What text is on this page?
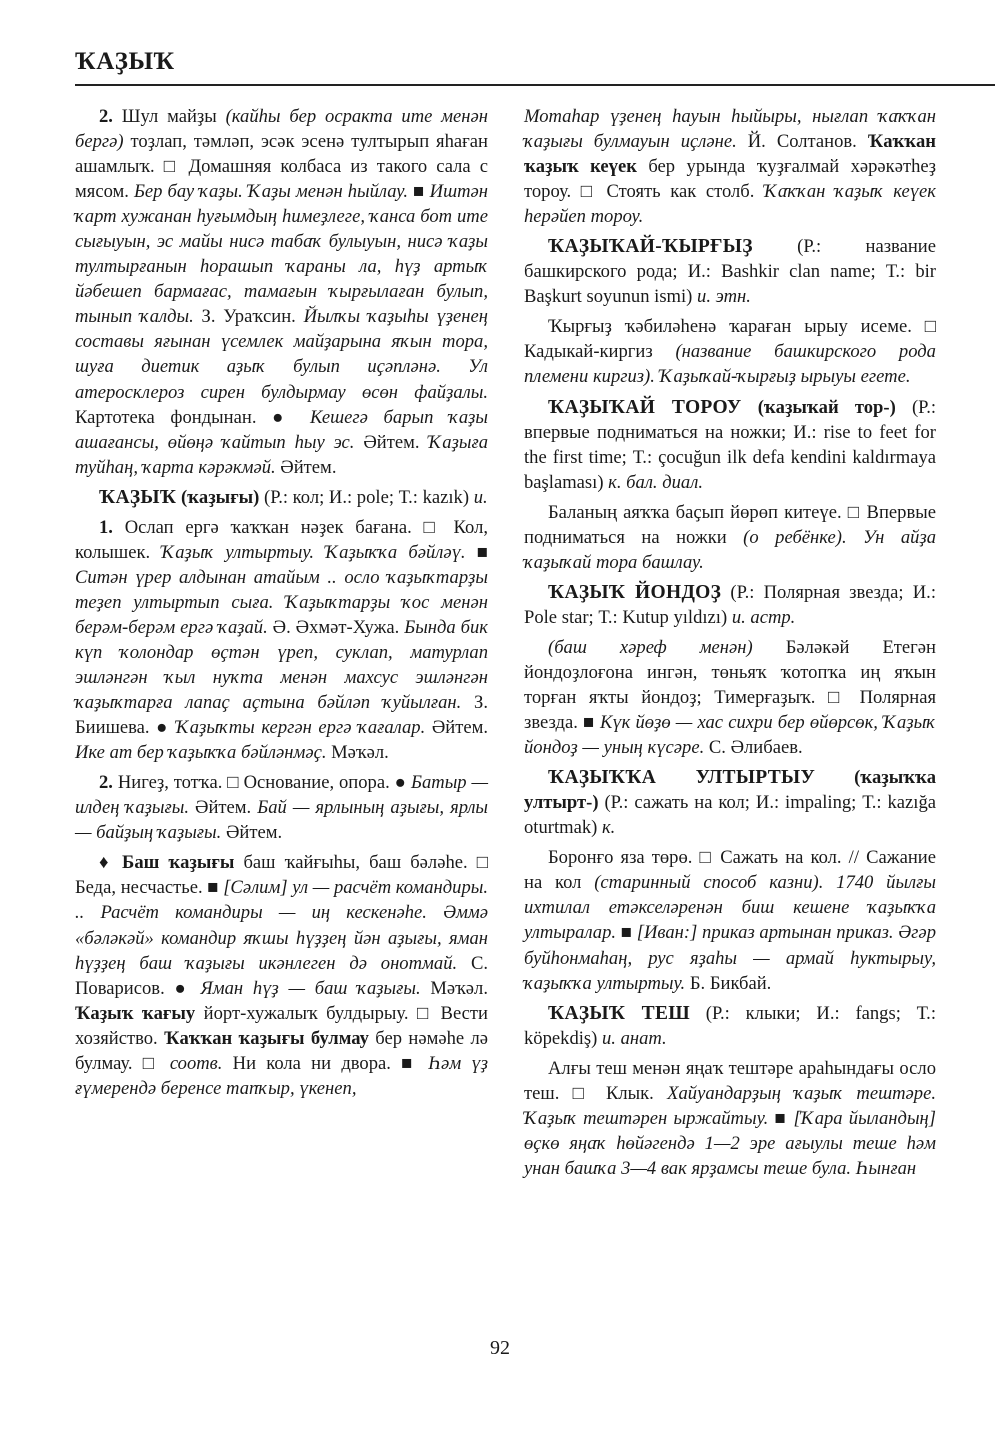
ҠАҘЫҠ

2. Шул майҙы (кайһы бер осракта ите менән бергә) тоҙлап, тәмләп, эсәк эсенә тултырып яһаған ашамлыҡ. □ Домашняя колбаса из такого сала с мясом. Бер бау ҡаҙы. Ҡаҙы менән һыйлау. ■ Иштән ҡарт хужанан һуғымдың һимеҙлеге, ҡанса бот ите сығыуын, эс майы нисә табаҡ булыуын, нисә ҡаҙы тултырғанын һорашып ҡараны ла, һүҙ артыҡ йәбешеп бармағас, тамағын ҡырғылаған булып, тынып ҡалды. З. Ураҡсин. Йылҡы ҡаҙыһы үҙенең составы яғынан үсемлек майҙарына яҡын тора, шуға диетик аҙыҡ булып иҫәпләнә. Ул атеросклероз сирен булдырмау өсөн файҙалы. Картотека фондынан. ● Кешегә барып ҡаҙы ашағансы, өйөңә ҡайтып һыу эс. Әйтем. Ҡаҙыға туйһаң, ҡарта кәрәкмәй. Әйтем.

ҠАҘЫҠ (ҡаҙығы) (Р.: кол; И.: pole; Т.: kazık) и.

1. Ослап ергә ҡаҡҡан нәҙек бағана. □ Кол, колышек. Ҡаҙыҡ ултыртыу. Ҡаҙыҡҡа бәйләү. ■ Ситән үрер алдынан атайым .. осло ҡаҙыҡтарҙы теҙеп ултыртып сыға. Ҡаҙыҡтарҙы ҡос менән берәм-берәм ергә ҡаҙай. Ә. Әхмәт-Хужа. Бында бик күп ҡолондар өҫтән үреп, суклап, матурлап эшләнгән ҡыл нуҡта менән махсус эшләнгән ҡаҙыҡтарға лапаҫ аҫтына бәйләп ҡуйылған. З. Биишева. ● Ҡаҙыҡты кергән ергә ҡағалар. Әйтем. Ике ат бер ҡаҙыҡҡа бәйләнмәҫ. Мәҡәл.

2. Нигеҙ, тотҡа. □ Основание, опора. ● Батыр — илдең ҡаҙығы. Әйтем. Бай — ярлының аҙығы, ярлы — байҙың ҡаҙығы. Әйтем.

♦ Баш ҡаҙығы баш ҡайғыһы, баш бәләһе. □ Беда, несчастье. ■ [Сәлим] ул — расчёт командиры. .. Расчёт командиры — иң кескенәһе. Әммә «бәләкәй» командир яҡшы һүҙҙең йән аҙығы, яман һүҙҙең баш ҡаҙығы икәнлеген дә онотмай. С. Поварисов. ● Яман һүҙ — баш ҡаҙығы. Мәҡәл. Ҡаҙыҡ ҡағыу йорт-хужалыҡ булдырыу. □ Вести хозяйство. Ҡаҡҡан ҡаҙығы булмау бер нәмәһе лә булмау. □ соотв. Ни кола ни двора. ■ Һәм үҙ ғүмерендә беренсе тапҡыр, үкенеп,

Мотаһар үҙенең һауын һыйыры, нығлап ҡаҡҡан ҡаҙығы булмауын иҫләне. Й. Солтанов. Ҡаҡҡан ҡаҙыҡ кеүек бер урында ҡуҙғалмай хәрәкәтһеҙ тороу. □ Стоять как столб. Ҡаҡҡан ҡаҙыҡ кеүек һерәйеп тороу.

ҠАҘЫҠАЙ-ҠЫРҒЫҘ (Р.: название башкирского рода; И.: Bashkir clan name; Т.: bir Başkurt soyunun ismi) и. этн.

Ҡырғыҙ ҡәбиләһенә ҡараған ырыу исеме. □ Кадыкай-киргиз (название башкирского рода племени киргиз). Ҡаҙыҡай-ҡырғыҙ ырыуы егете.

ҠАҘЫҠАЙ ТОРОУ (ҡаҙыҡай тор-) (Р.: впервые подниматься на ножки; И.: rise to feet for the first time; Т.: çocuğun ilk defa kendini kaldırmaya başlaması) к. бал. диал.

Баланың аяҡҡа баҫып йөрөп китеүе. □ Впервые подниматься на ножки (о ребёнке). Ун айҙа ҡаҙыҡай тора башлау.

ҠАҘЫҠ ЙОНДОҘ (Р.: Полярная звезда; И.: Pole star; Т.: Kutup yıldızı) и. астр.

(баш хәреф менән) Бәләкәй Етегән йондоҙлоғона ингән, төньяҡ ҡотопҡа иң яҡын торған яҡты йондоҙ; Тимерғаҙыҡ. □ Полярная звезда. ■ Күк йөҙө — хас сихри бер өйөрсөк, Ҡаҙыҡ йондоҙ — уның күсәре. С. Әлибаев.

ҠАҘЫҠҠА УЛТЫРТЫУ (ҡаҙыҡҡа ултырт-) (Р.: сажать на кол; И.: impaling; Т.: kazığa oturtmak) к.

Боронғо яза төрө. □ Сажать на кол. // Сажание на кол (старинный способ казни). 1740 йылғы ихтилал етәкселәренән биш кешене ҡаҙыҡҡа ултыралар. ■ [Иван:] приказ артынан приказ. Әгәр буйһонмаһаң, рус яҙаһы — армай һуктырыу, ҡаҙыҡҡа ултыртыу. Б. Бикбай.

ҠАҘЫҠ ТЕШ (Р.: клыки; И.: fangs; Т.: köpekdiş) и. анат.

Алғы теш менән яңаҡ тештәре араһындағы осло теш. □ Клык. Хайуандарҙың ҡаҙыҡ тештәре. Ҡаҙыҡ тештәрен ыржайтыу. ■ [Ҡара йыландың] өҫкө яңаҡ һөйәгендә 1—2 эре ағыулы теше һәм унан башҡа 3—4 вак ярҙамсы теше була. Һынған

92
